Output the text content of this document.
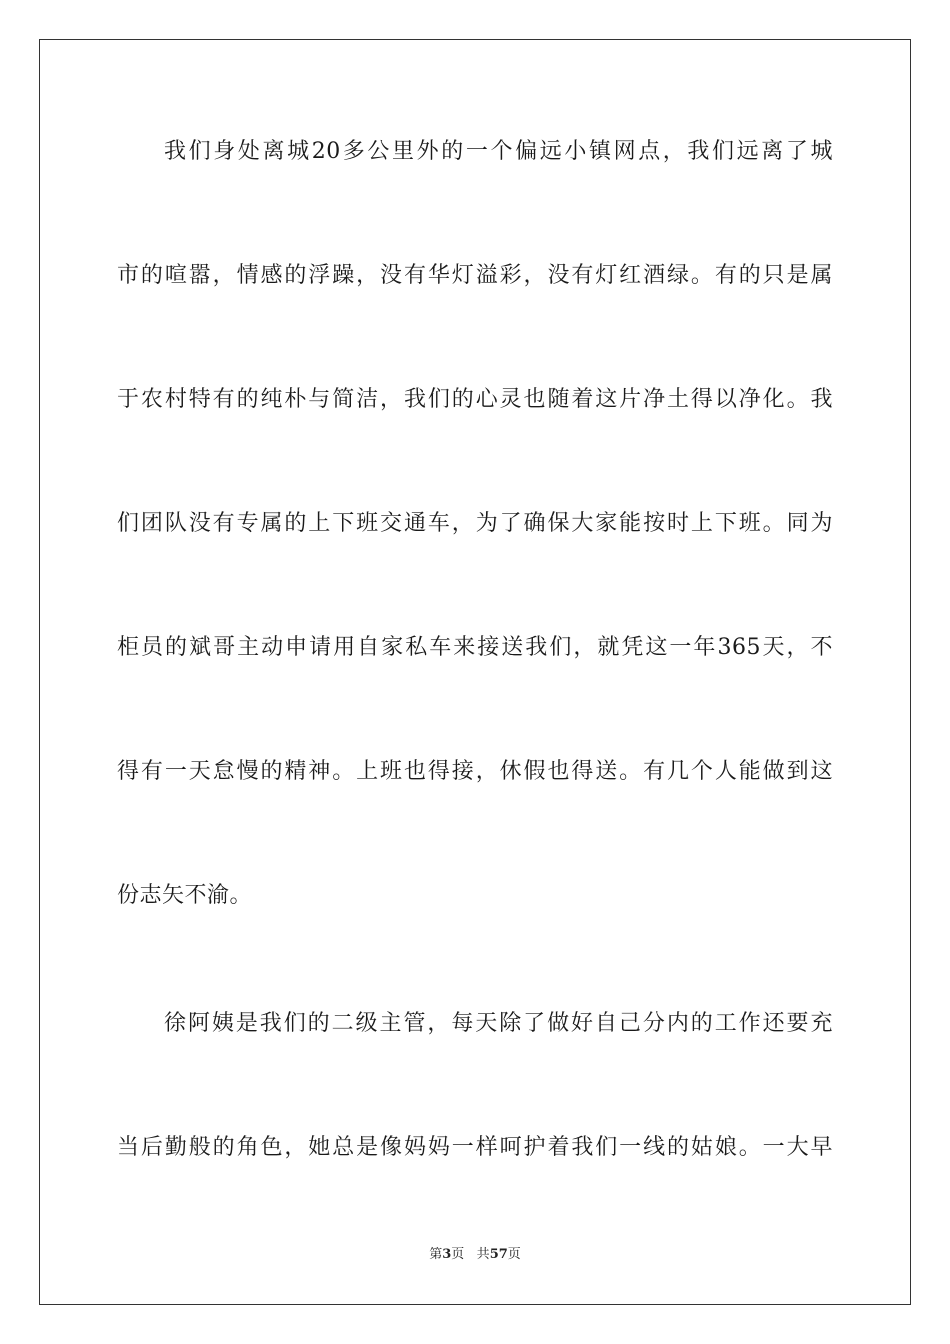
我们身处离城20多公里外的一个偏远小镇网点，我们远离了城
市的喧嚣，情感的浮躁，没有华灯溢彩，没有灯红酒绿。有的只是属
于农村特有的纯朴与简洁，我们的心灵也随着这片净土得以净化。我
们团队没有专属的上下班交通车，为了确保大家能按时上下班。同为
柜员的斌哥主动申请用自家私车来接送我们，就凭这一年365天，不
得有一天怠慢的精神。上班也得接，休假也得送。有几个人能做到这
份志矢不渝。
徐阿姨是我们的二级主管，每天除了做好自己分内的工作还要充
当后勤般的角色，她总是像妈妈一样呵护着我们一线的姑娘。一大早
第3页 共57页
